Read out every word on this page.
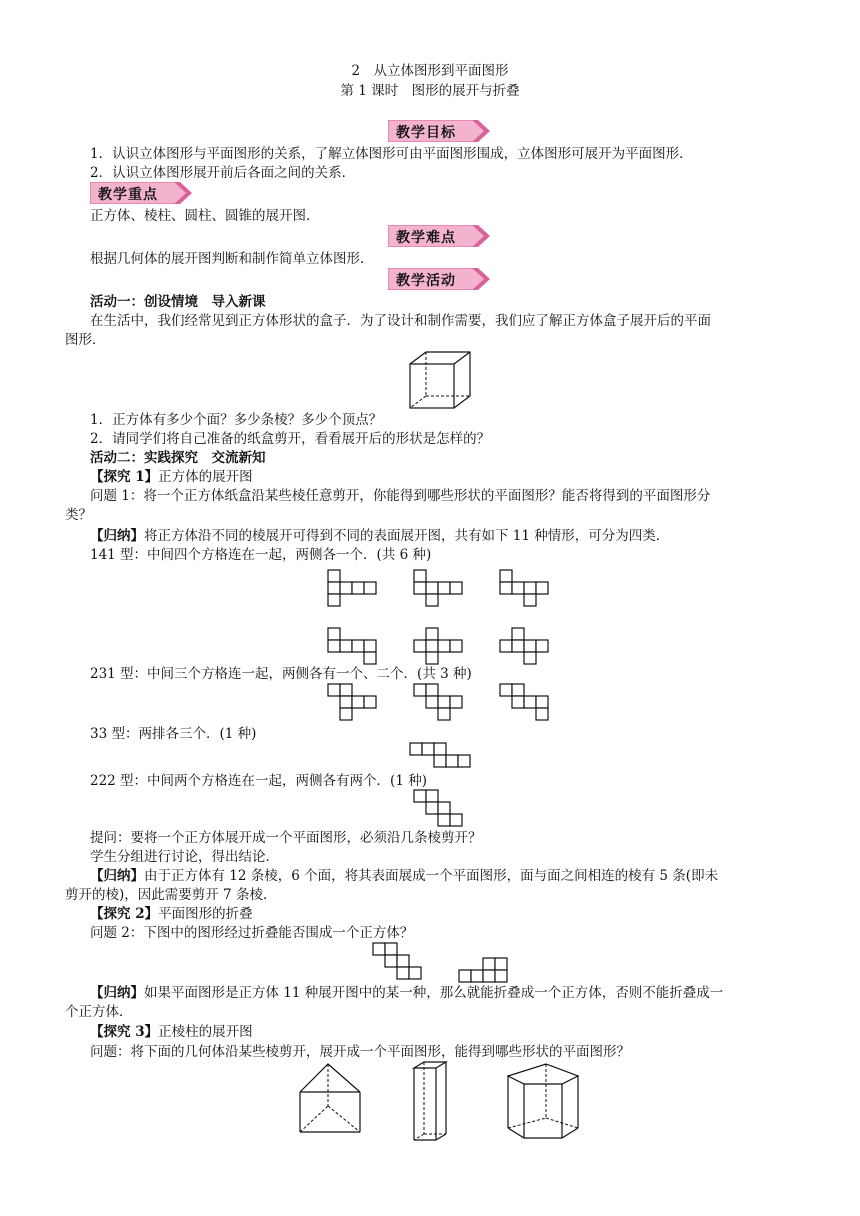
2　从立体图形到平面图形
第 1 课时　图形的展开与折叠
教学目标
1．认识立体图形与平面图形的关系，了解立体图形可由平面图形围成，立体图形可展开为平面图形．
2．认识立体图形展开前后各面之间的关系．
教学重点
正方体、棱柱、圆柱、圆锥的展开图．
教学难点
根据几何体的展开图判断和制作简单立体图形．
教学活动
活动一：创设情境　导入新课
在生活中，我们经常见到正方体形状的盒子．为了设计和制作需要，我们应了解正方体盒子展开后的平面
图形．
1．正方体有多少个面？多少条棱？多少个顶点？
2．请同学们将自己准备的纸盒剪开，看看展开后的形状是怎样的？
活动二：实践探究　交流新知
【探究 1】正方体的展开图
问题 1：将一个正方体纸盒沿某些棱任意剪开，你能得到哪些形状的平面图形？能否将得到的平面图形分
类？
【归纳】将正方体沿不同的棱展开可得到不同的表面展开图，共有如下 11 种情形，可分为四类．
141 型：中间四个方格连在一起，两侧各一个．(共 6 种)
231 型：中间三个方格连一起，两侧各有一个、二个．(共 3 种)
33 型：两排各三个．(1 种)
222 型：中间两个方格连在一起，两侧各有两个．(1 种)
提问：要将一个正方体展开成一个平面图形，必须沿几条棱剪开？
学生分组进行讨论，得出结论．
【归纳】由于正方体有 12 条棱，6 个面，将其表面展成一个平面图形，面与面之间相连的棱有 5 条(即未
剪开的棱)，因此需要剪开 7 条棱．
【探究 2】平面图形的折叠
问题 2：下图中的图形经过折叠能否围成一个正方体？
【归纳】如果平面图形是正方体 11 种展开图中的某一种，那么就能折叠成一个正方体，否则不能折叠成一
个正方体．
【探究 3】正棱柱的展开图
问题：将下面的几何体沿某些棱剪开，展开成一个平面图形，能得到哪些形状的平面图形？
